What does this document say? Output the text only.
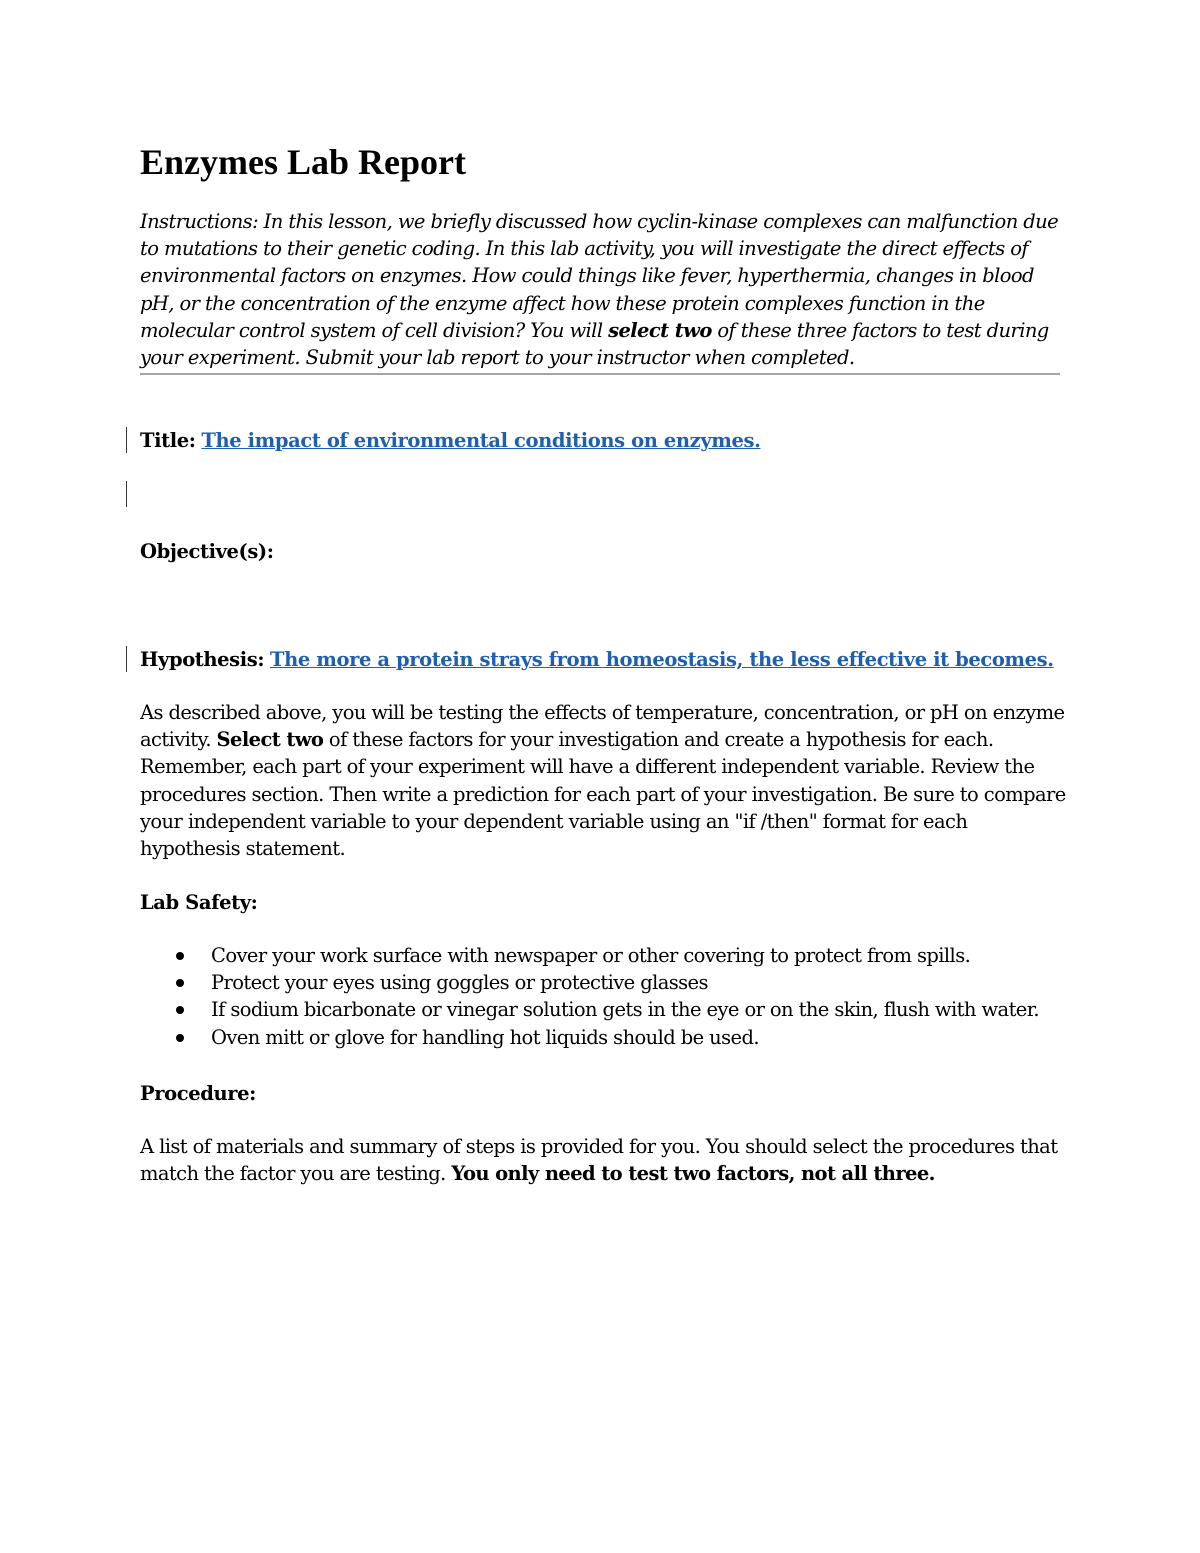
Enzymes Lab Report
Instructions: In this lesson, we briefly discussed how cyclin-kinase complexes can malfunction due to mutations to their genetic coding. In this lab activity, you will investigate the direct effects of environmental factors on enzymes. How could things like fever, hyperthermia, changes in blood pH, or the concentration of the enzyme affect how these protein complexes function in the molecular control system of cell division? You will select two of these three factors to test during your experiment. Submit your lab report to your instructor when completed.
Title: The impact of environmental conditions on enzymes.
Objective(s):
Hypothesis: The more a protein strays from homeostasis, the less effective it becomes.
As described above, you will be testing the effects of temperature, concentration, or pH on enzyme activity. Select two of these factors for your investigation and create a hypothesis for each. Remember, each part of your experiment will have a different independent variable. Review the procedures section. Then write a prediction for each part of your investigation. Be sure to compare your independent variable to your dependent variable using an "if /then" format for each hypothesis statement.
Lab Safety:
Cover your work surface with newspaper or other covering to protect from spills.
Protect your eyes using goggles or protective glasses
If sodium bicarbonate or vinegar solution gets in the eye or on the skin, flush with water.
Oven mitt or glove for handling hot liquids should be used.
Procedure:
A list of materials and summary of steps is provided for you. You should select the procedures that match the factor you are testing. You only need to test two factors, not all three.
